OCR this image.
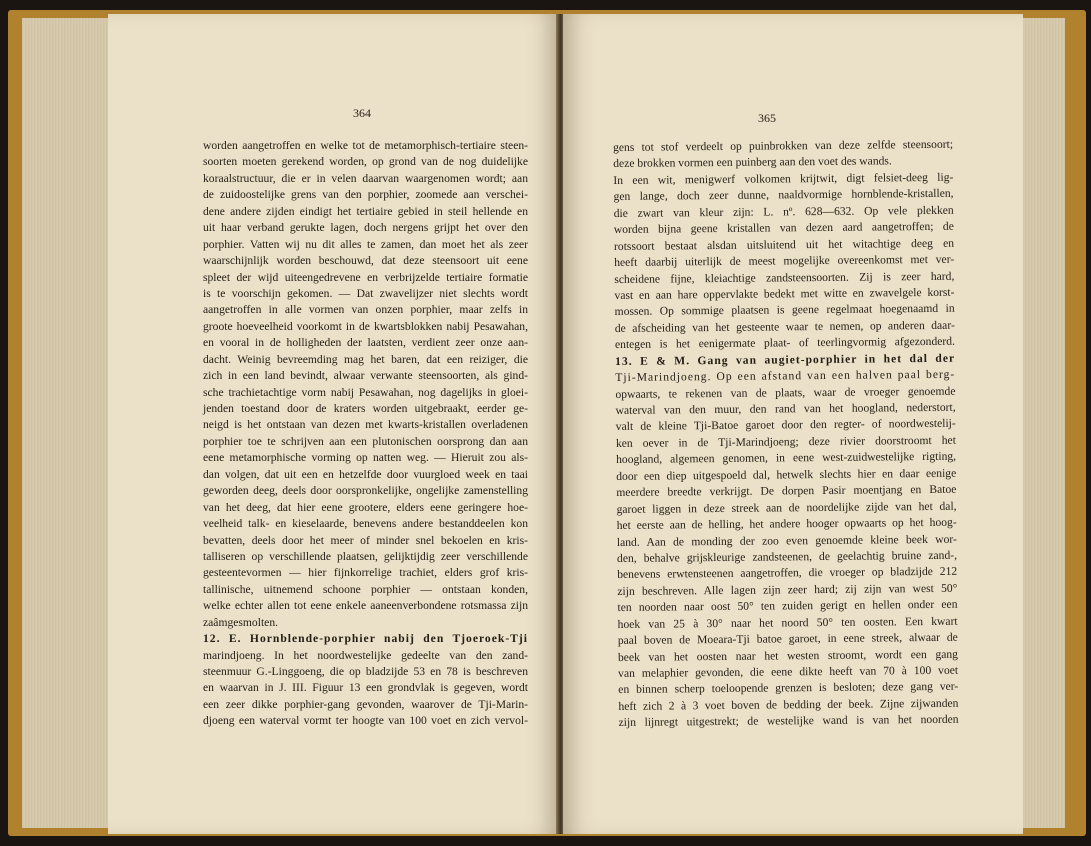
364
worden aangetroffen en welke tot de metamorphisch-tertiaire steen-
soorten moeten gerekend worden, op grond van de nog duidelijke
koraalstructuur, die er in velen daarvan waargenomen wordt; aan
de zuidoostelijke grens van den porphier, zoomede aan verschei-
dene andere zijden eindigt het tertiaire gebied in steil hellende en
uit haar verband gerukte lagen, doch nergens grijpt het over den
porphier. Vatten wij nu dit alles te zamen, dan moet het als zeer
waarschijnlijk worden beschouwd, dat deze steensoort uit eene
spleet der wijd uiteengedrevene en verbrijzelde tertiaire formatie
is te voorschijn gekomen. — Dat zwavelijzer niet slechts wordt
aangetroffen in alle vormen van onzen porphier, maar zelfs in
groote hoeveelheid voorkomt in de kwartsblokken nabij Pesawahan,
en vooral in de holligheden der laatsten, verdient zeer onze aan-
dacht. Weinig bevreemding mag het baren, dat een reiziger, die
zich in een land bevindt, alwaar verwante steensoorten, als gind-
sche trachietachtige vorm nabij Pesawahan, nog dagelijks in gloei-
jenden toestand door de kraters worden uitgebraakt, eerder ge-
neigd is het ontstaan van dezen met kwarts-kristallen overladenen
porphier toe te schrijven aan een plutonischen oorsprong dan aan
eene metamorphische vorming op natten weg. — Hieruit zou als-
dan volgen, dat uit een en hetzelfde door vuurgloed week en taai
geworden deeg, deels door oorspronkelijke, ongelijke zamenstelling
van het deeg, dat hier eene grootere, elders eene geringere hoe-
veelheid talk- en kieselaarde, benevens andere bestanddeelen kon
bevatten, deels door het meer of minder snel bekoelen en kris-
talliseren op verschillende plaatsen, gelijktijdig zeer verschillende
gesteentevormen — hier fijnkorrelige trachiet, elders grof kris-
tallinische, uitnemend schoone porphier — ontstaan konden,
welke echter allen tot eene enkele aaneenverbondene rotsmassa zijn
zaâmgesmolten.
12. E. Hornblende-porphier nabij den Tjoeroek-Tji
marindjoeng. In het noordwestelijke gedeelte van den zand-
steenmuur G.-Linggoeng, die op bladzijde 53 en 78 is beschreven
en waarvan in J. III. Figuur 13 een grondvlak is gegeven, wordt
een zeer dikke porphier-gang gevonden, waarover de Tji-Marin-
djoeng een waterval vormt ter hoogte van 100 voet en zich vervol-
365
gens tot stof verdeelt op puinbrokken van deze zelfde steensoort;
deze brokken vormen een puinberg aan den voet des wands.
In een wit, menigwerf volkomen krijtwit, digt felsiet-deeg lig-
gen lange, doch zeer dunne, naaldvormige hornblende-kristallen,
die zwart van kleur zijn: L. nº. 628—632. Op vele plekken
worden bijna geene kristallen van dezen aard aangetroffen; de
rotssoort bestaat alsdan uitsluitend uit het witachtige deeg en
heeft daarbij uiterlijk de meest mogelijke overeenkomst met ver-
scheidene fijne, kleiachtige zandsteensoorten. Zij is zeer hard,
vast en aan hare oppervlakte bedekt met witte en zwavelgele korst-
mossen. Op sommige plaatsen is geene regelmaat hoegenaamd in
de afscheiding van het gesteente waar te nemen, op anderen daar-
entegen is het eenigermate plaat- of teerlingvormig afgezonderd.
13. E & M. Gang van augiet-porphier in het dal der
Tji-Marindjoeng. Op een afstand van een halven paal berg-
opwaarts, te rekenen van de plaats, waar de vroeger genoemde
waterval van den muur, den rand van het hoogland, nederstort,
valt de kleine Tji-Batoe garoet door den regter- of noordwestelij-
ken oever in de Tji-Marindjoeng; deze rivier doorstroomt het
hoogland, algemeen genomen, in eene west-zuidwestelijke rigting,
door een diep uitgespoeld dal, hetwelk slechts hier en daar eenige
meerdere breedte verkrijgt. De dorpen Pasir moentjang en Batoe
garoet liggen in deze streek aan de noordelijke zijde van het dal,
het eerste aan de helling, het andere hooger opwaarts op het hoog-
land. Aan de monding der zoo even genoemde kleine beek wor-
den, behalve grijskleurige zandsteenen, de geelachtig bruine zand-,
benevens erwtensteenen aangetroffen, die vroeger op bladzijde 212
zijn beschreven. Alle lagen zijn zeer hard; zij zijn van west 50°
ten noorden naar oost 50° ten zuiden gerigt en hellen onder een
hoek van 25 à 30° naar het noord 50° ten oosten. Een kwart
paal boven de Moeara-Tji batoe garoet, in eene streek, alwaar de
beek van het oosten naar het westen stroomt, wordt een gang
van melaphier gevonden, die eene dikte heeft van 70 à 100 voet
en binnen scherp toeloopende grenzen is besloten; deze gang ver-
heft zich 2 à 3 voet boven de bedding der beek. Zijne zijwanden
zijn lijnregt uitgestrekt; de westelijke wand is van het noorden
